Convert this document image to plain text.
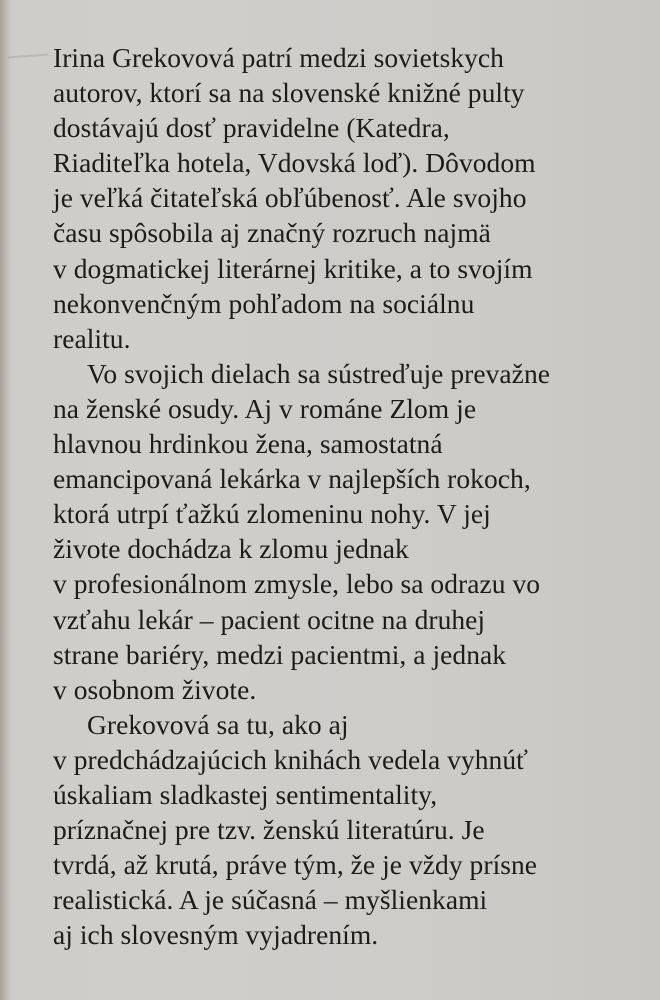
Irina Grekovová patrí medzi sovietskych
autorov, ktorí sa na slovenské knižné pulty
dostávajú dosť pravidelne (Katedra,
Riaditeľka hotela, Vdovská loď). Dôvodom
je veľká čitateľská obľúbenosť. Ale svojho
času spôsobila aj značný rozruch najmä
v dogmatickej literárnej kritike, a to svojím
nekonvenčným pohľadom na sociálnu
realitu.
Vo svojich dielach sa sústreďuje prevažne
na ženské osudy. Aj v románe Zlom je
hlavnou hrdinkou žena, samostatná
emancipovaná lekárka v najlepších rokoch,
ktorá utrpí ťažkú zlomeninu nohy. V jej
živote dochádza k zlomu jednak
v profesionálnom zmysle, lebo sa odrazu vo
vzťahu lekár – pacient ocitne na druhej
strane bariéry, medzi pacientmi, a jednak
v osobnom živote.
Grekovová sa tu, ako aj
v predchádzajúcich knihách vedela vyhnúť
úskaliam sladkastej sentimentality,
príznačnej pre tzv. ženskú literatúru. Je
tvrdá, až krutá, práve tým, že je vždy prísne
realistická. A je súčasná – myšlienkami
aj ich slovesným vyjadrením.
